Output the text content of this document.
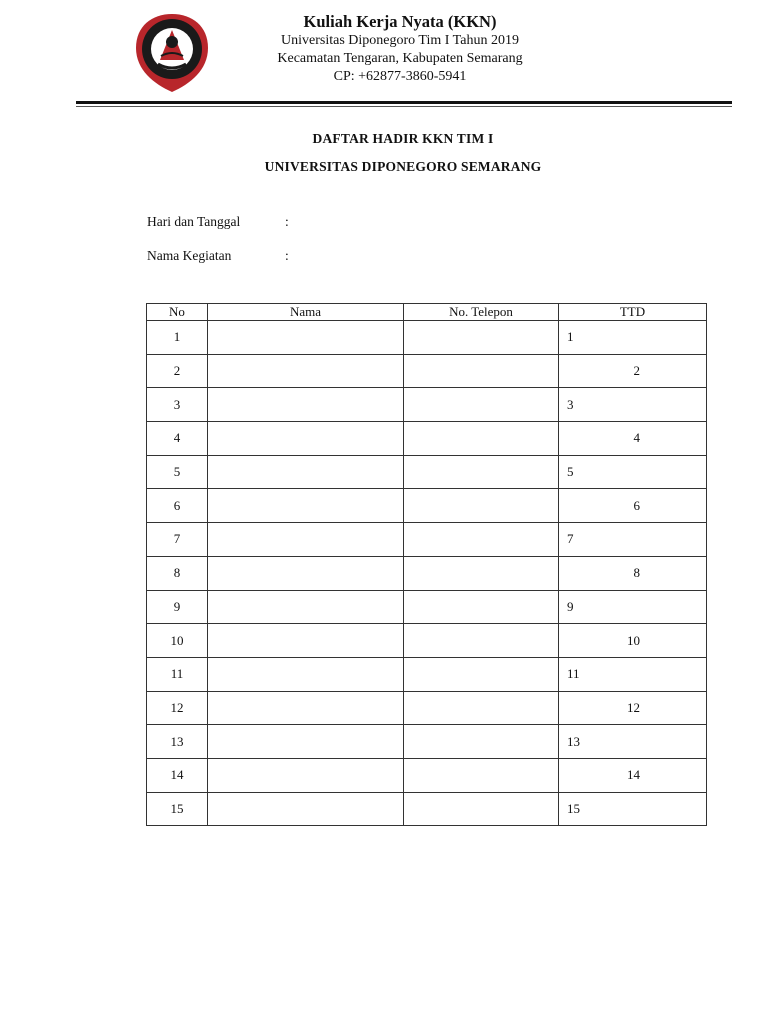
Kuliah Kerja Nyata (KKN)
Universitas Diponegoro Tim I Tahun 2019
Kecamatan Tengaran, Kabupaten Semarang
CP: +62877-3860-5941
DAFTAR HADIR KKN TIM I
UNIVERSITAS DIPONEGORO SEMARANG
Hari dan Tanggal	:
Nama Kegiatan	:
No	Nama	No. Telepon	TTD
1			1
2			2
3			3
4			4
5			5
6			6
7			7
8			8
9			9
10			10
11			11
12			12
13			13
14			14
15			15
